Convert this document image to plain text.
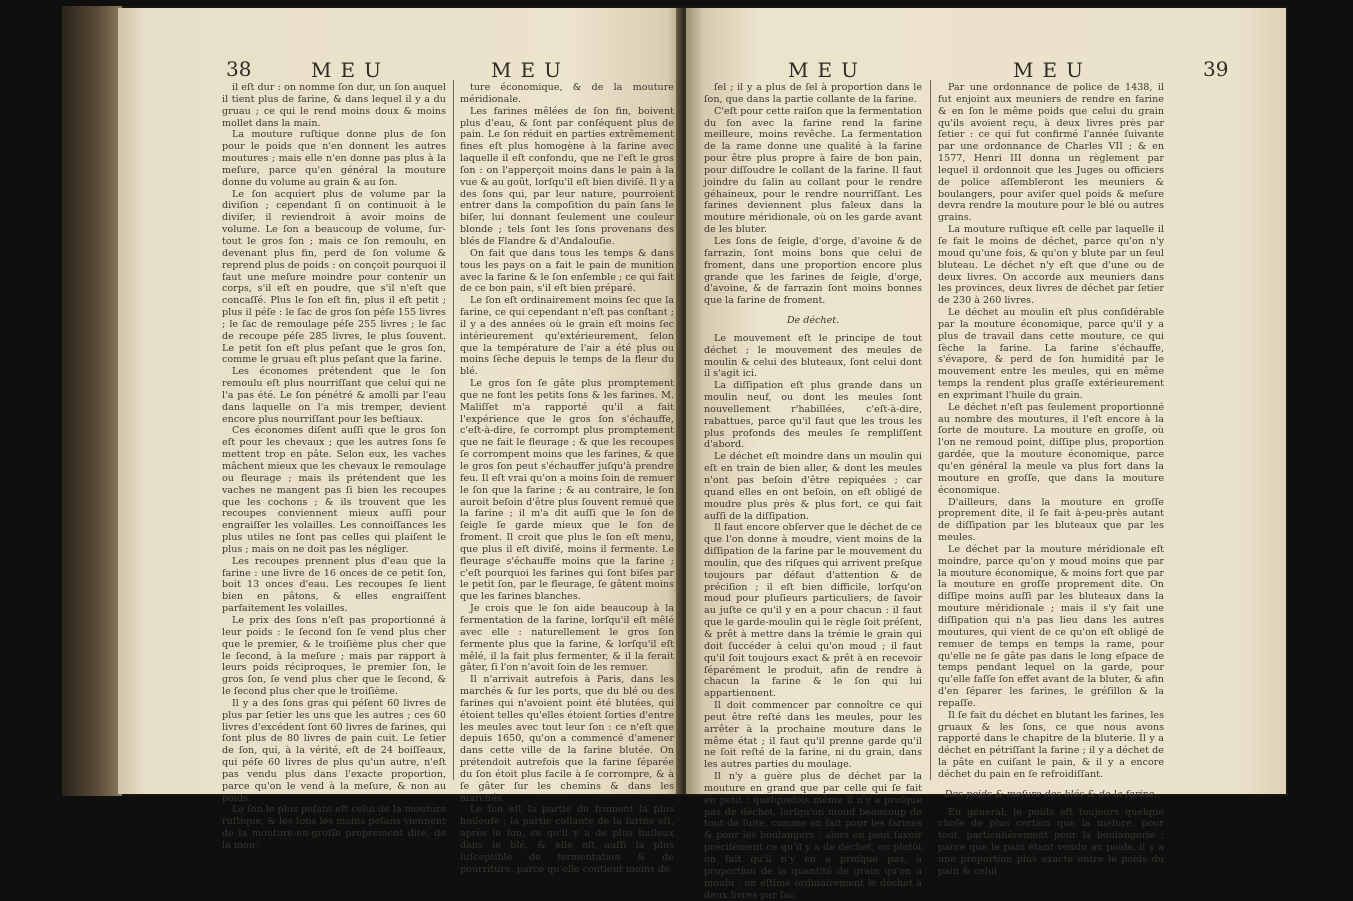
38	MEU	MEU

il eſt dur : on nomme ſon dur, un ſon auquel il tient plus de farine, & dans lequel il y a du gruau ; ce qui le rend moins doux & moins mollet dans la main.

La mouture ruſtique donne plus de ſon pour le poids que n'en donnent les autres moutures ; mais elle n'en donne pas plus à la meſure, parce qu'en général la mouture donne du volume au grain & au ſon.

Le ſon acquiert plus de volume par la diviſion ; cependant ſi on continuoit à le diviſer, il reviendroit à avoir moins de volume. Le ſon a beaucoup de volume, ſur-tout le gros ſon ; mais ce ſon remoulu, en devenant plus fin, perd de ſon volume & reprend plus de poids : on conçoit pourquoi il faut une meſure moindre pour contenir un corps, s'il eſt en poudre, que s'il n'eſt que concaſſé. Plus le ſon eſt fin, plus il eſt petit ; plus il péſe : le ſac de gros ſon péſe 155 livres ; le ſac de remoulage péſe 255 livres ; le ſac de recoupe péſe 285 livres, le plus ſouvent. Le petit ſon eſt plus peſant que le gros ſon, comme le gruau eſt plus peſant que la farine.

Les économes prétendent que le ſon remoulu eſt plus nourriſſant que celui qui ne l'a pas été. Le ſon pénétré & amolli par l'eau dans laquelle on l'a mis tremper, devient encore plus nourriſſant pour les beſtiaux.

Ces économes diſent auſſi que le gros ſon eſt pour les chevaux ; que les autres ſons ſe mettent trop en pâte. Selon eux, les vaches mâchent mieux que les chevaux le remoulage ou fleurage ; mais ils prétendent que les vaches ne mangent pas ſi bien les recoupes que les cochons ; & ils trouvent que les recoupes conviennent mieux auſſi pour engraiſſer les volailles. Les connoiſſances les plus utiles ne ſont pas celles qui plaiſent le plus ; mais on ne doit pas les négliger.

Les recoupes prennent plus d'eau que la farine : une livre de 16 onces de ce petit ſon, boit 13 onces d'eau. Les recoupes ſe lient bien en pâtons, & elles engraiſſent parfaitement les volailles.

Le prix des ſons n'eſt pas proportionné à leur poids : le ſecond ſon ſe vend plus cher que le premier, & le troiſième plus cher que le ſecond, à la meſure ; mais par rapport à leurs poids réciproques, le premier ſon, le gros ſon, ſe vend plus cher que le ſecond, & le ſecond plus cher que le troiſième.

Il y a des ſons gras qui péſent 60 livres de plus par ſetier les uns que les autres ; ces 60 livres d'excédent ſont 60 livres de farines, qui ſont plus de 80 livres de pain cuit. Le ſetier de ſon, qui, à la vérité, eſt de 24 boiſſeaux, qui péſe 60 livres de plus qu'un autre, n'eſt pas vendu plus dans l'exacte proportion, parce qu'on le vend à la meſure, & non au poids.

Le ſon le plus peſant eſt celui de la mouture ruſtique, & les ſons les moins peſans viennent de la mouture-en-groſſe proprement dite, de la mou-

ture économique, & de la mouture méridionale.

Les farines mêlées de ſon fin, boivent plus d'eau, & ſont par conſéquent plus de pain. Le ſon réduit en parties extrêmement fines eſt plus homogène à la farine avec laquelle il eſt confondu, que ne l'eſt le gros ſon : on l'apperçoit moins dans le pain à la vue & au goût, lorſqu'il eſt bien diviſé. Il y a des ſons qui, par leur nature, pourroient entrer dans la compoſition du pain ſans le biſer, lui donnant ſeulement une couleur blonde ; tels ſont les ſons provenans des blés de Flandre & d'Andalouſie.

On fait que dans tous les temps & dans tous les pays on a fait le pain de munition avec la farine & le ſon enſemble ; ce qui fait de ce bon pain, s'il eſt bien préparé.

Le ſon eſt ordinairement moins ſec que la farine, ce qui cependant n'eſt pas conſtant ; il y a des années où le grain eſt moins ſec intérieurement qu'extérieurement, ſelon que la température de l'air a été plus ou moins ſèche depuis le temps de la fleur du blé.

Le gros ſon ſe gâte plus promptement que ne font les petits ſons & les farines. M. Maliſſet m'a rapporté qu'il a fait l'expérience que le gros ſon s'échauffe, c'eſt-à-dire, ſe corrompt plus promptement que ne fait le fleurage ; & que les recoupes ſe corrompent moins que les farines, & que le gros ſon peut s'échauffer juſqu'à prendre feu. Il eſt vrai qu'on a moins ſoin de remuer le ſon que la farine ; & au contraire, le ſon auroit beſoin d'être plus ſouvent remué que la farine ; il m'a dit auſſi que le ſon de ſeigle ſe garde mieux que le ſon de froment. Il croit que plus le ſon eſt menu, que plus il eſt diviſé, moins il fermente. Le fleurage s'échauffe moins que la farine ; c'eſt pourquoi les farines qui ſont biſes par le petit ſon, par le fleurage, ſe gâtent moins que les farines blanches.

Je crois que le ſon aide beaucoup à la fermentation de la farine, lorſqu'il eſt mêlé avec elle : naturellement le gros ſon fermente plus que la farine, & lorſqu'il eſt mêlé, il la fait plus fermenter, & il la ferait gâter, ſi l'on n'avoit ſoin de les remuer.

Il n'arrivait autrefois à Paris, dans les marchés & ſur les ports, que du blé ou des farines qui n'avoient point été blutées, qui étoient telles qu'elles étoient ſorties d'entre les meules avec tout leur ſon : ce n'eſt que depuis 1650, qu'on a commencé d'amener dans cette ville de la farine blutée. On prétendoit autrefois que la farine ſéparée du ſon étoit plus facile à ſe corrompre, & à ſe gâter ſur les chemins & dans les marchés.

Le ſon eſt la partie du froment la plus huileuſe ; la partie collante de la farine eſt, après le ſon, ce qu'il y a de plus huileux dans le blé, & elle eſt auſſi la plus ſuſceptible de fermentation & de pourriture, parce qu'elle contient moins de

MEU	MEU	39

ſel ; il y a plus de ſel à proportion dans le ſon, que dans la partie collante de la farine.

C'eſt pour cette raiſon que la fermentation du ſon avec la farine rend la farine meilleure, moins revêche. La fermentation de la rame donne une qualité à la farine pour être plus propre à faire de bon pain, pour diſſoudre le collant de la farine. Il faut joindre du ſalin au collant pour le rendre géhaineux, pour le rendre nourriſſant. Les farines deviennent plus faleux dans la mouture méridionale, où on les garde avant de les bluter.

Les ſons de ſeigle, d'orge, d'avoine & de farrazin, ſont moins bons que celui de froment, dans une proportion encore plus grande que les farines de ſeigle, d'orge, d'avoine, & de farrazin ſont moins bonnes que la farine de froment.

De déchet.

Le mouvement eſt le principe de tout déchet ; le mouvement des meules de moulin & celui des bluteaux, ſont celui dont il s'agit ici.

La diſſipation eſt plus grande dans un moulin neuf, ou dont les meules ſont nouvellement r'habillées, c'eſt-à-dire, rabattues, parce qu'il faut que les trous les plus profonds des meules ſe rempliſſent d'abord.

Le déchet eſt moindre dans un moulin qui eſt en train de bien aller, & dont les meules n'ont pas beſoin d'être repiquées ; car quand elles en ont beſoin, on eſt obligé de moudre plus près & plus fort, ce qui fait auſſi de la diſſipation.

Il faut encore obſerver que le déchet de ce que l'on donne à moudre, vient moins de la diſſipation de la farine par le mouvement du moulin, que des riſques qui arrivent preſque toujours par défaut d'attention & de préciſion ; il eſt bien difficile, lorſqu'on moud pour pluſieurs particuliers, de ſavoir au juſte ce qu'il y en a pour chacun : il faut que le garde-moulin qui le règle ſoit préſent, & prêt à mettre dans la trémie le grain qui doit ſuccéder à celui qu'on moud ; il faut qu'il ſoit toujours exact & prêt à en recevoir ſéparément le produit, afin de rendre à chacun la farine & le ſon qui lui appartiennent.

Il doit commencer par connoître ce qui peut être reſté dans les meules, pour les arrêter à la prochaine mouture dans le même état ; il faut qu'il prenne garde qu'il ne ſoit reſté de la farine, ni du grain, dans les autres parties du moulage.

Il n'y a guère plus de déchet par la mouture en grand que par celle qui ſe fait en petit ; quelquefois même il n'y a preſque pas de déchet, lorſqu'on moud beaucoup de tout de ſuite, comme on fait pour les farines & pour les boulangers : alors on peut ſavoir préciſément ce qu'il y a de déchet, ou plutôt on fait qu'il n'y en a preſque pas, à proportion de la quantité de grain qu'on a moulu : on eſtime ordinairement le déchet à deux livres par ſac.

Par une ordonnance de police de 1438, il fut enjoint aux meuniers de rendre en farine & en ſon le même poids que celui du grain qu'ils avoient reçu, à deux livres près par ſetier : ce qui fut confirmé l'année ſuivante par une ordonnance de Charles VII ; & en 1577, Henri III donna un règlement par lequel il ordonnoit que les Juges ou officiers de police aſſembleront les meuniers & boulangers, pour aviſer quel poids & meſure devra rendre la mouture pour le blé ou autres grains.

La mouture ruſtique eſt celle par laquelle il ſe fait le moins de déchet, parce qu'on n'y moud qu'une fois, & qu'on y blute par un ſeul bluteau. Le déchet n'y eſt que d'une ou de deux livres. On accorde aux meuniers dans les provinces, deux livres de déchet par ſetier de 230 à 260 livres.

Le déchet au moulin eſt plus conſidérable par la mouture économique, parce qu'il y a plus de travail dans cette mouture, ce qui ſèche la farine. La farine s'échauffe, s'évapore, & perd de ſon humidité par le mouvement entre les meules, qui en même temps la rendent plus graſſe extérieurement en exprimant l'huile du grain.

Le déchet n'eſt pas ſeulement proportionné au nombre des moutures, il l'eſt encore à la ſorte de mouture. La mouture en groſſe, où l'on ne remoud point, diſſipe plus, proportion gardée, que la mouture économique, parce qu'en général la meule va plus fort dans la mouture en groſſe, que dans la mouture économique.

D'ailleurs, dans la mouture en groſſe proprement dite, il ſe fait à-peu-près autant de diſſipation par les bluteaux que par les meules.

Le déchet par la mouture méridionale eſt moindre, parce qu'on y moud moins que par la mouture économique, & moins fort que par la mouture en groſſe proprement dite. On diſſipe moins auſſi par les bluteaux dans la mouture méridionale ; mais il s'y fait une diſſipation qui n'a pas lieu dans les autres moutures, qui vient de ce qu'on eſt obligé de remuer de temps en temps la rame, pour qu'elle ne ſe gâte pas dans le long eſpace de temps pendant lequel on la garde, pour qu'elle faſſe ſon effet avant de la bluter, & afin d'en ſéparer les farines, le gréſillon & la repaſſe.

Il ſe fait du déchet en blutant les farines, les gruaux & les ſons, ce que nous avons rapporté dans le chapitre de la bluterie. Il y a déchet en pétriſſant la farine ; il y a déchet de la pâte en cuiſant le pain, & il y a encore déchet du pain en ſe refroidiſſant.

Des poids & meſure des blés & de la farine.

En général, le poids eſt toujours quelque choſe de plus certain que la meſure, pour tout, particulièrement pour la boulangerie ; parce que le pain étant vendu au poids, il y a une proportion plus exacte entre le poids du pain & celui
